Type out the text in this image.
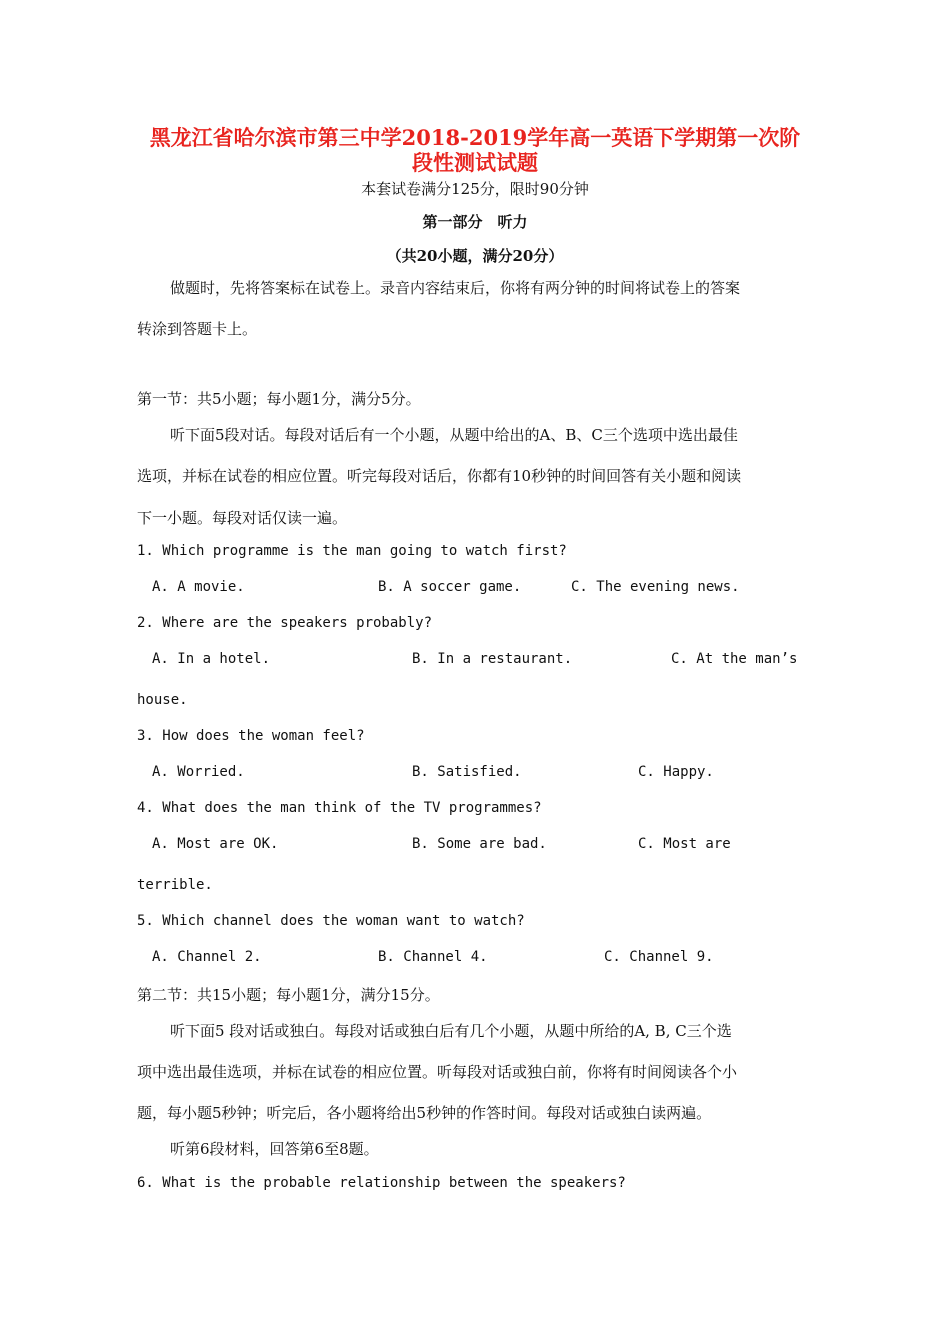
黑龙江省哈尔滨市第三中学2018-2019学年高一英语下学期第一次阶
段性测试试题
本套试卷满分125分，限时90分钟
第一部分　听力
（共20小题，满分20分）
做题时，先将答案标在试卷上。录音内容结束后，你将有两分钟的时间将试卷上的答案
转涂到答题卡上。
第一节：共5小题；每小题1分，满分5分。
听下面5段对话。每段对话后有一个小题，从题中给出的A、B、C三个选项中选出最佳
选项，并标在试卷的相应位置。听完每段对话后，你都有10秒钟的时间回答有关小题和阅读
下一小题。每段对话仅读一遍。
1. Which programme is the man going to watch first?
A. A movie.	B. A soccer game.	C. The evening news.
2. Where are the speakers probably?
A. In a hotel.	B. In a restaurant.	C. At the man’s
house.
3. How does the woman feel?
A. Worried.	B. Satisfied.	C. Happy.
4. What does the man think of the TV programmes?
A. Most are OK.	B. Some are bad.	C. Most are
terrible.
5. Which channel does the woman want to watch?
A. Channel 2.	B. Channel 4.	C. Channel 9.
第二节：共15小题；每小题1分，满分15分。
听下面5 段对话或独白。每段对话或独白后有几个小题，从题中所给的A, B, C三个选
项中选出最佳选项，并标在试卷的相应位置。听每段对话或独白前，你将有时间阅读各个小
题，每小题5秒钟；听完后，各小题将给出5秒钟的作答时间。每段对话或独白读两遍。
听第6段材料，回答第6至8题。
6. What is the probable relationship between the speakers?
